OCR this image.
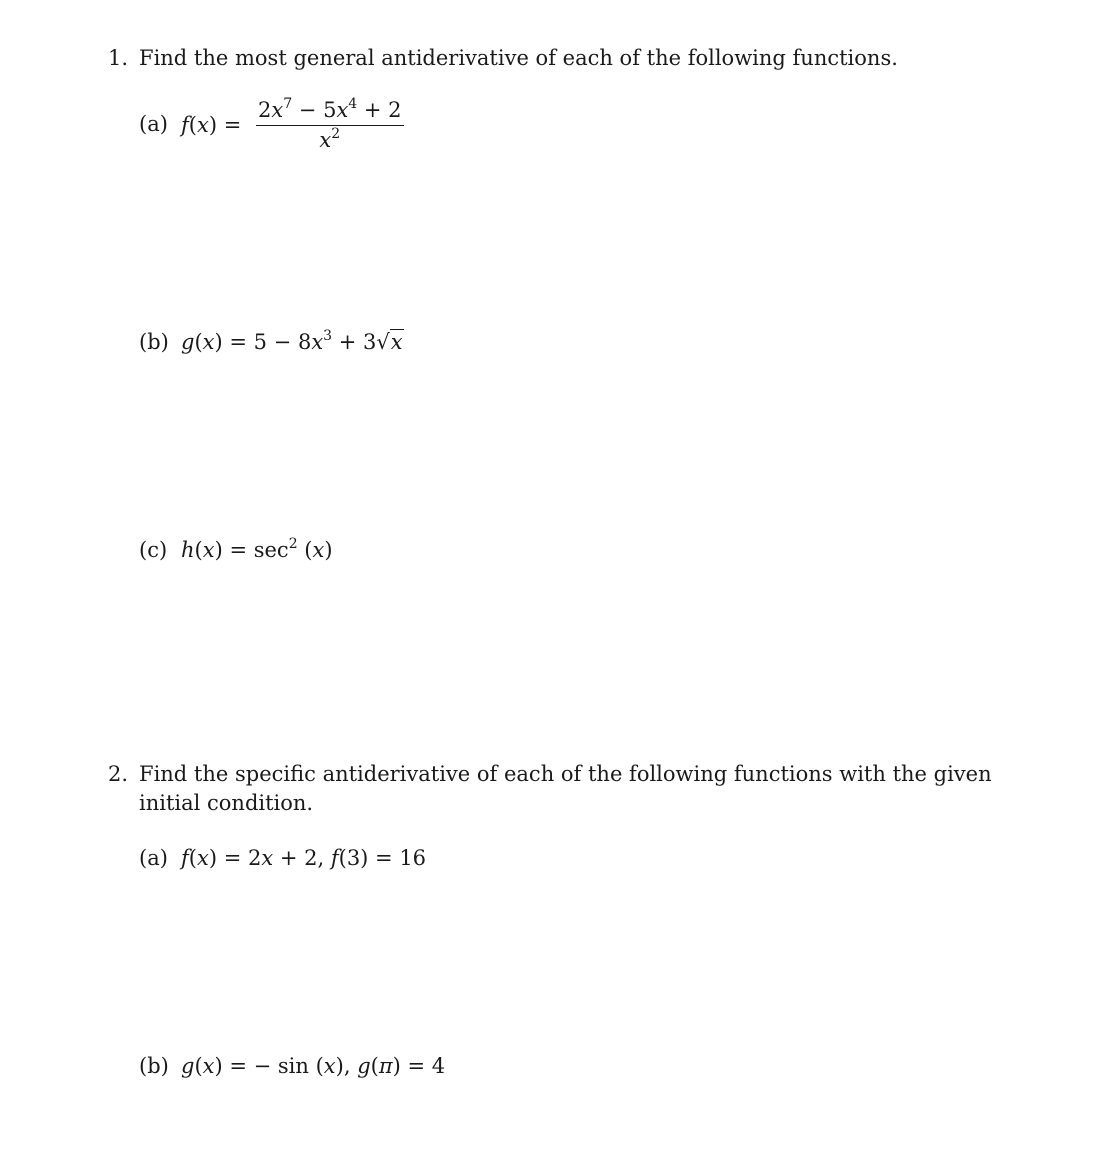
1. Find the most general antiderivative of each of the following functions.
(a) $f(x) = \frac{2x^7 - 5x^4 + 2}{x^2}$
(b) $g(x) = 5 - 8x^3 + 3√x$
(c) $h(x) = \sec^2 (x)$
2. Find the specific antiderivative of each of the following functions with the given initial condition.
(a) f(x) = 2x + 2, f(3) = 16
(b) g(x) = − sin (x), g(π) = 4
